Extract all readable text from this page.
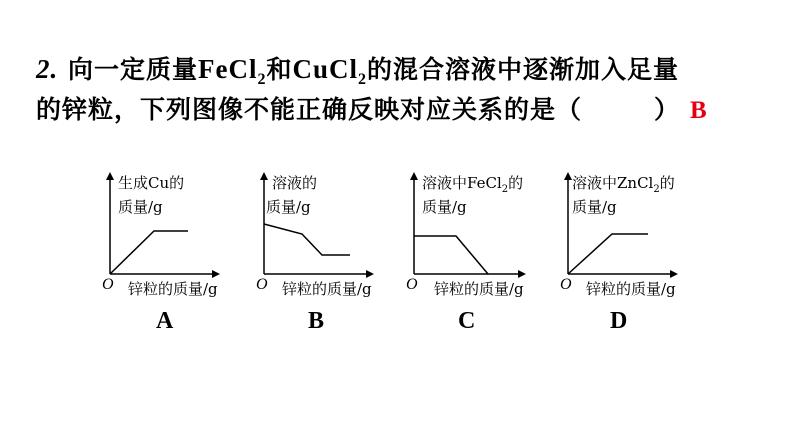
2. 向一定质量FeCl$_2$和CuCl$_2$的混合溶液中逐渐加入足量
的锌粒，下列图像不能正确反映对应关系的是（	） B
生成Cu的
质量/g
O 锌粒的质量/g
A
溶液的
质量/g
O 锌粒的质量/g
B
溶液中FeCl$_2$的
质量/g
O 锌粒的质量/g
C
溶液中ZnCl$_2$的
质量/g
O 锌粒的质量/g
D
